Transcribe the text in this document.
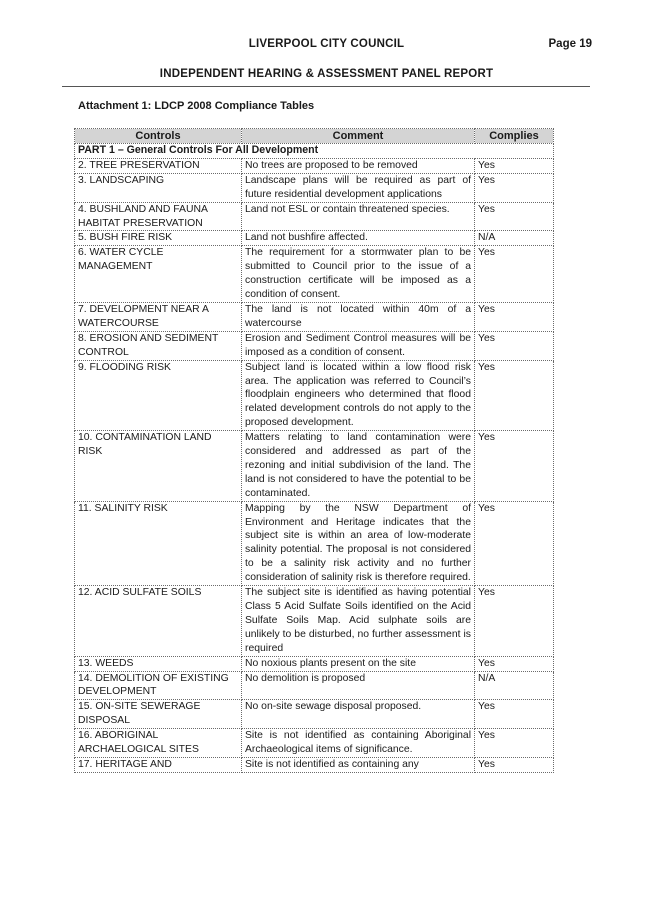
LIVERPOOL CITY COUNCIL	Page 19
INDEPENDENT HEARING & ASSESSMENT PANEL REPORT
Attachment 1: LDCP 2008 Compliance Tables
Controls	Comment	Complies
PART 1 – General Controls For All Development		
2. TREE PRESERVATION	No trees are proposed to be removed	Yes
3. LANDSCAPING	Landscape plans will be required as part of future residential development applications	Yes
4. BUSHLAND AND FAUNA HABITAT PRESERVATION	Land not ESL or contain threatened species.	Yes
5. BUSH FIRE RISK	Land not bushfire affected.	N/A
6. WATER CYCLE MANAGEMENT	The requirement for a stormwater plan to be submitted to Council prior to the issue of a construction certificate will be imposed as a condition of consent.	Yes
7. DEVELOPMENT NEAR A WATERCOURSE	The land is not located within 40m of a watercourse	Yes
8. EROSION AND SEDIMENT CONTROL	Erosion and Sediment Control measures will be imposed as a condition of consent.	Yes
9. FLOODING RISK	Subject land is located within a low flood risk area. The application was referred to Council’s floodplain engineers who determined that flood related development controls do not apply to the proposed development.	Yes
10. CONTAMINATION LAND RISK	Matters relating to land contamination were considered and addressed as part of the rezoning and initial subdivision of the land. The land is not considered to have the potential to be contaminated.	Yes
11. SALINITY RISK	Mapping by the NSW Department of Environment and Heritage indicates that the subject site is within an area of low-moderate salinity potential. The proposal is not considered to be a salinity risk activity and no further consideration of salinity risk is therefore required.	Yes
12. ACID SULFATE SOILS	The subject site is identified as having potential Class 5 Acid Sulfate Soils identified on the Acid Sulfate Soils Map. Acid sulphate soils are unlikely to be disturbed, no further assessment is required	Yes
13. WEEDS	No noxious plants present on the site	Yes
14. DEMOLITION OF EXISTING DEVELOPMENT	No demolition is proposed	N/A
15. ON-SITE SEWERAGE DISPOSAL	No on-site sewage disposal proposed.	Yes
16. ABORIGINAL ARCHAELOGICAL SITES	Site is not identified as containing Aboriginal Archaeological items of significance.	Yes
17. HERITAGE AND	Site is not identified as containing any	Yes
